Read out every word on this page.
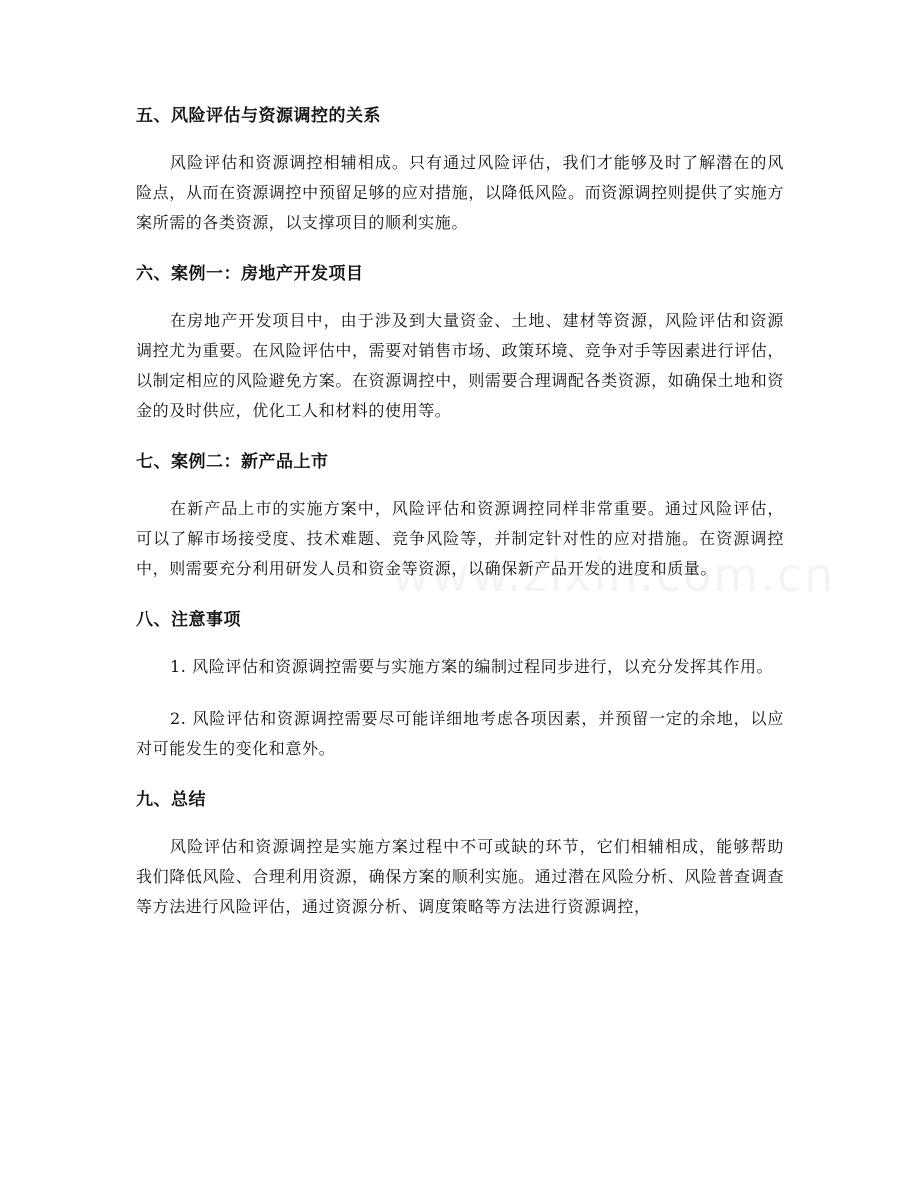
五、风险评估与资源调控的关系

风险评估和资源调控相辅相成。只有通过风险评估，我们才能够及时了解潜在的风险点，从而在资源调控中预留足够的应对措施，以降低风险。而资源调控则提供了实施方案所需的各类资源，以支撑项目的顺利实施。

六、案例一：房地产开发项目

在房地产开发项目中，由于涉及到大量资金、土地、建材等资源，风险评估和资源调控尤为重要。在风险评估中，需要对销售市场、政策环境、竞争对手等因素进行评估，以制定相应的风险避免方案。在资源调控中，则需要合理调配各类资源，如确保土地和资金的及时供应，优化工人和材料的使用等。

七、案例二：新产品上市

在新产品上市的实施方案中，风险评估和资源调控同样非常重要。通过风险评估，可以了解市场接受度、技术难题、竞争风险等，并制定针对性的应对措施。在资源调控中，则需要充分利用研发人员和资金等资源，以确保新产品开发的进度和质量。

八、注意事项

1. 风险评估和资源调控需要与实施方案的编制过程同步进行，以充分发挥其作用。

2. 风险评估和资源调控需要尽可能详细地考虑各项因素，并预留一定的余地，以应对可能发生的变化和意外。

九、总结

风险评估和资源调控是实施方案过程中不可或缺的环节，它们相辅相成，能够帮助我们降低风险、合理利用资源，确保方案的顺利实施。通过潜在风险分析、风险普查调查等方法进行风险评估，通过资源分析、调度策略等方法进行资源调控，
